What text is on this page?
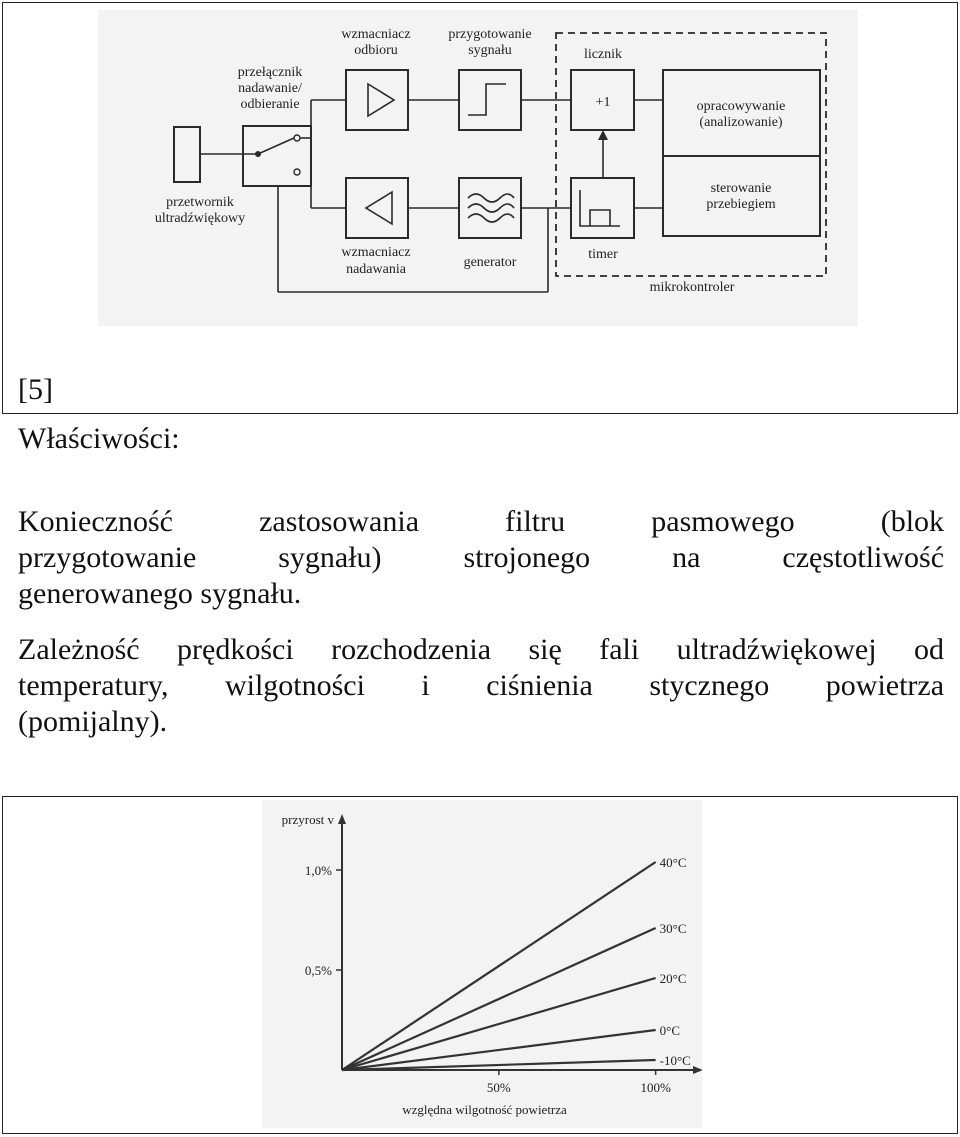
wzmacniacz
odbioru
przygotowanie
sygnału	licznik
przełącznik
nadawanie/
odbieranie
mikrokontroler
przetwornik
ultradźwiękowy
+1	opracowywanie
(analizowanie)
sterowanie
przebiegiem
wzmacniacz
nadawania	generator
timer
[5]
Właściwości:
Konieczność	zastosowania	filtru	pasmowego	(blok
przygotowanie	sygnału)	strojonego	na	częstotliwość
generowanego sygnału.
Zależność prędkości rozchodzenia się fali ultradźwiękowej od
temperatury, wilgotności i ciśnienia stycznego powietrza
(pomijalny).
1,0%
0,5%
50%	100%
przyrost v
względna wilgotność powietrza
40°C
30°C
20°C
0°C
-10°C
